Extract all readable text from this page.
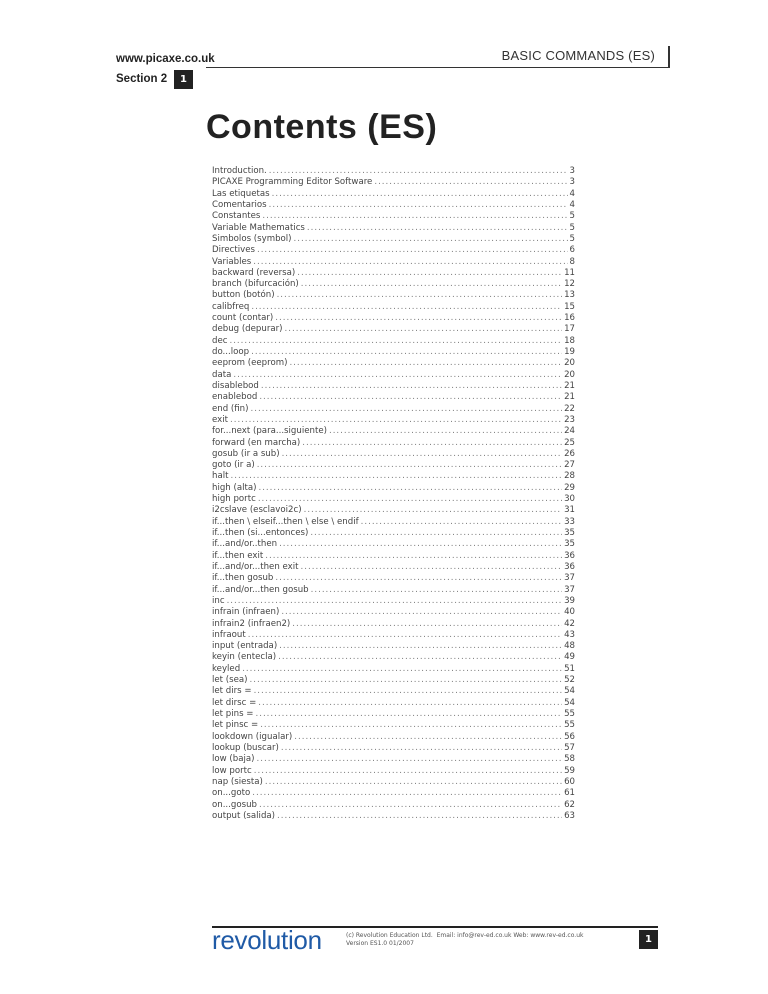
www.picaxe.co.uk
Section 2	1
BASIC COMMANDS (ES)
Contents (ES)
Introduction. .....	3
PICAXE Programming Editor Software .....	3
Las etiquetas .....	4
Comentarios .....	4
Constantes .....	5
Variable Mathematics .....	5
Simbolos (symbol) .....	5
Directives .....	6
Variables .....	8
backward (reversa) .....	11
branch (bifurcación) .....	12
button (botón) .....	13
calibfreq .....	15
count (contar) .....	16
debug (depurar) .....	17
dec .....	18
do...loop .....	19
eeprom (eeprom) .....	20
data .....	20
disablebod .....	21
enablebod .....	21
end (fin) .....	22
exit .....	23
for...next (para...siguiente) .....	24
forward (en marcha) .....	25
gosub (ir a sub) .....	26
goto (ir a) .....	27
halt .....	28
high (alta) .....	29
high portc .....	30
i2cslave (esclavoi2c) .....	31
if...then \ elseif...then \ else \ endif .....	33
if...then (si...entonces) .....	35
if...and/or..then .....	35
if...then exit .....	36
if...and/or...then exit .....	36
if...then gosub .....	37
if...and/or...then gosub .....	37
inc .....	39
infrain (infraen) .....	40
infrain2 (infraen2) .....	42
infraout .....	43
input (entrada) .....	48
keyin (entecla) .....	49
keyled .....	51
let (sea) .....	52
let dirs = .....	54
let dirsc = .....	54
let pins = .....	55
let pinsc = .....	55
lookdown (igualar) .....	56
lookup (buscar) .....	57
low (baja) .....	58
low portc .....	59
nap (siesta) .....	60
on...goto .....	61
on...gosub .....	62
output (salida) .....	63
revolution	(c) Revolution Education Ltd.  Email: info@rev-ed.co.uk Web: www.rev-ed.co.uk
Version ES1.0 01/2007	1
